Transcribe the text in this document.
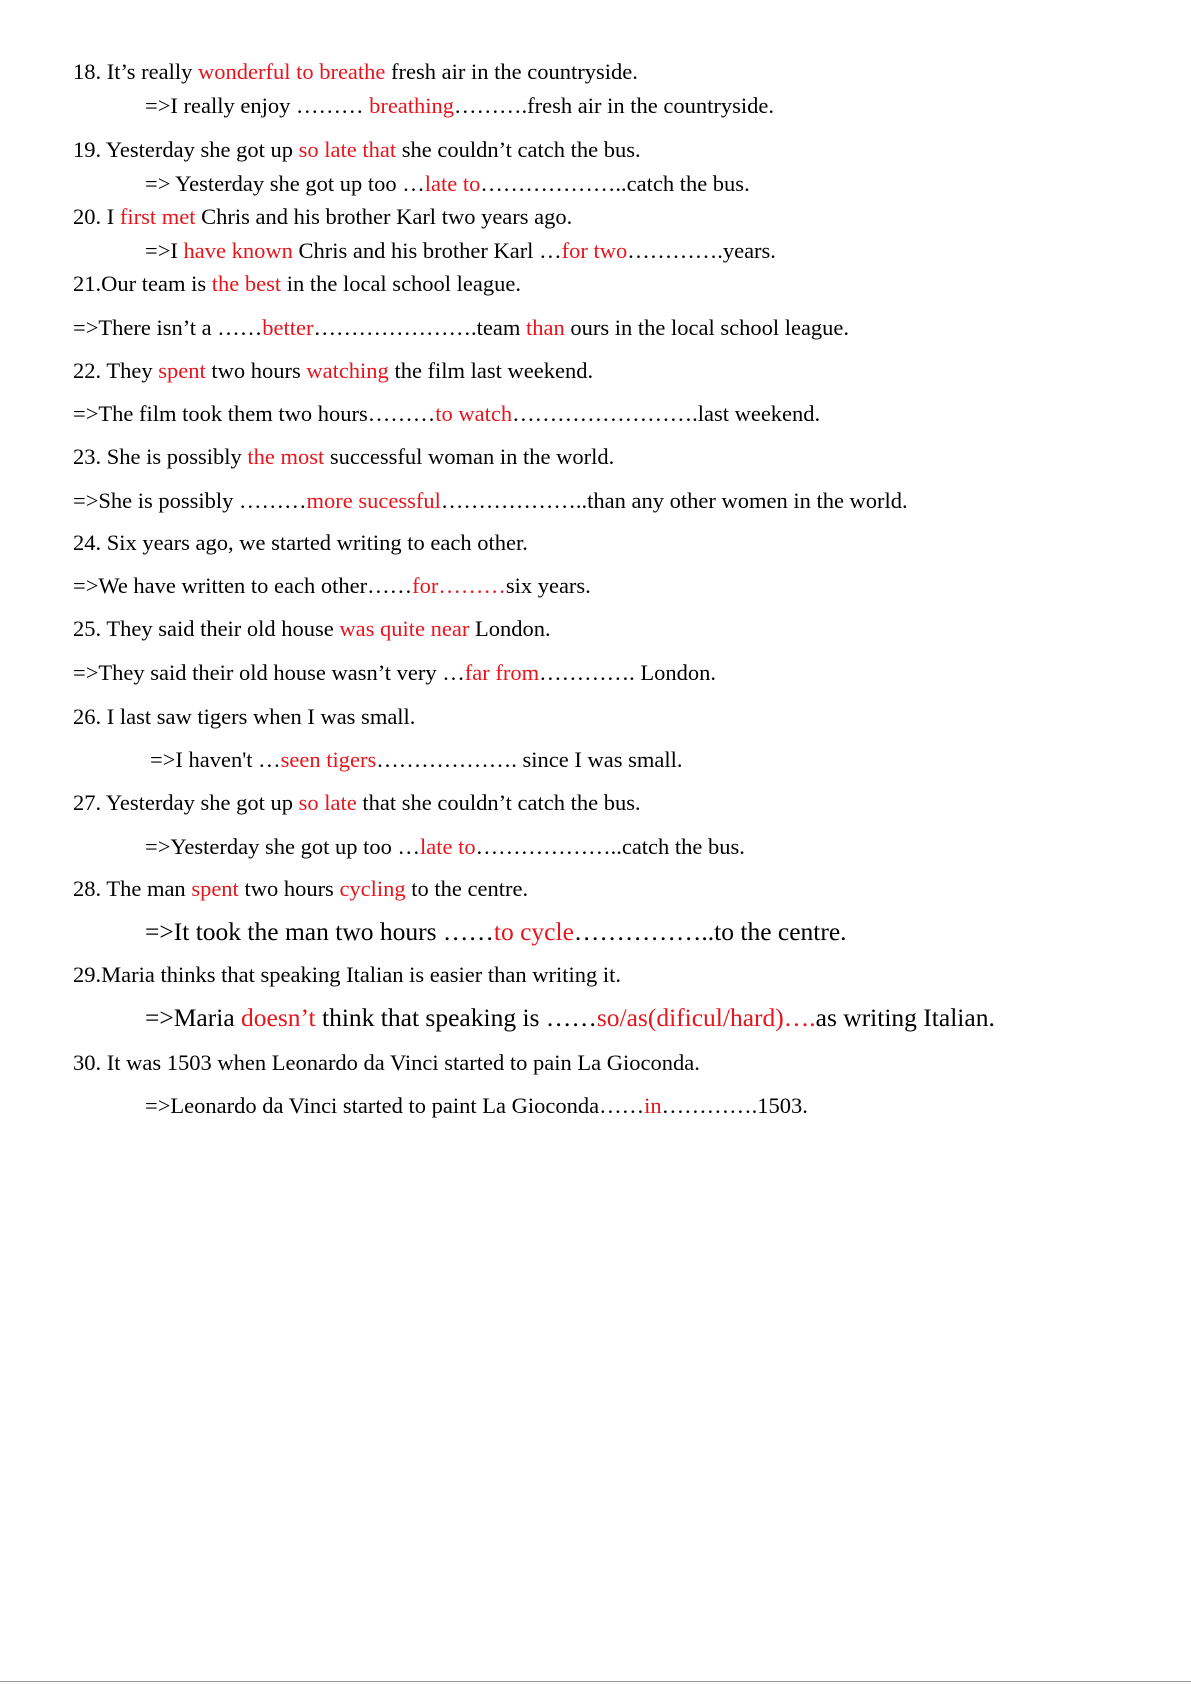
18. It’s really wonderful to breathe fresh air in the countryside.
=>I really enjoy ……… breathing……….fresh air in the countryside.
19. Yesterday she got up so late that she couldn’t catch the bus.
=> Yesterday she got up too …late to………………..catch the bus.
20. I first met Chris and his brother Karl two years ago.
=>I have known Chris and his brother Karl …for two………….years.
21.Our team is the best in the local school league.
=>There isn’t a ……better………………….team than ours in the local school league.
22. They spent two hours watching the film last weekend.
=>The film took them two hours………to watch…………………….last weekend.
23. She is possibly the most successful woman in the world.
=>She is possibly ………more sucessful………………..than any other women in the world.
24. Six years ago, we started writing to each other.
=>We have written to each other……for………six years.
25. They said their old house was quite near London.
=>They said their old house wasn’t very …far from…………. London.
26. I last saw tigers when I was small.
=>I haven't …seen tigers………………. since I was small.
27. Yesterday she got up so late that she couldn’t catch the bus.
=>Yesterday she got up too …late to………………..catch the bus.
28. The man spent two hours cycling to the centre.
=>It took the man two hours ……to cycle……………..to the centre.
29.Maria thinks that speaking Italian is easier than writing it.
=>Maria doesn’t think that speaking is ……so/as(dificul/hard)….as writing Italian.
30. It was 1503 when Leonardo da Vinci started to pain La Gioconda.
=>Leonardo da Vinci started to paint La Gioconda……in………….1503.
